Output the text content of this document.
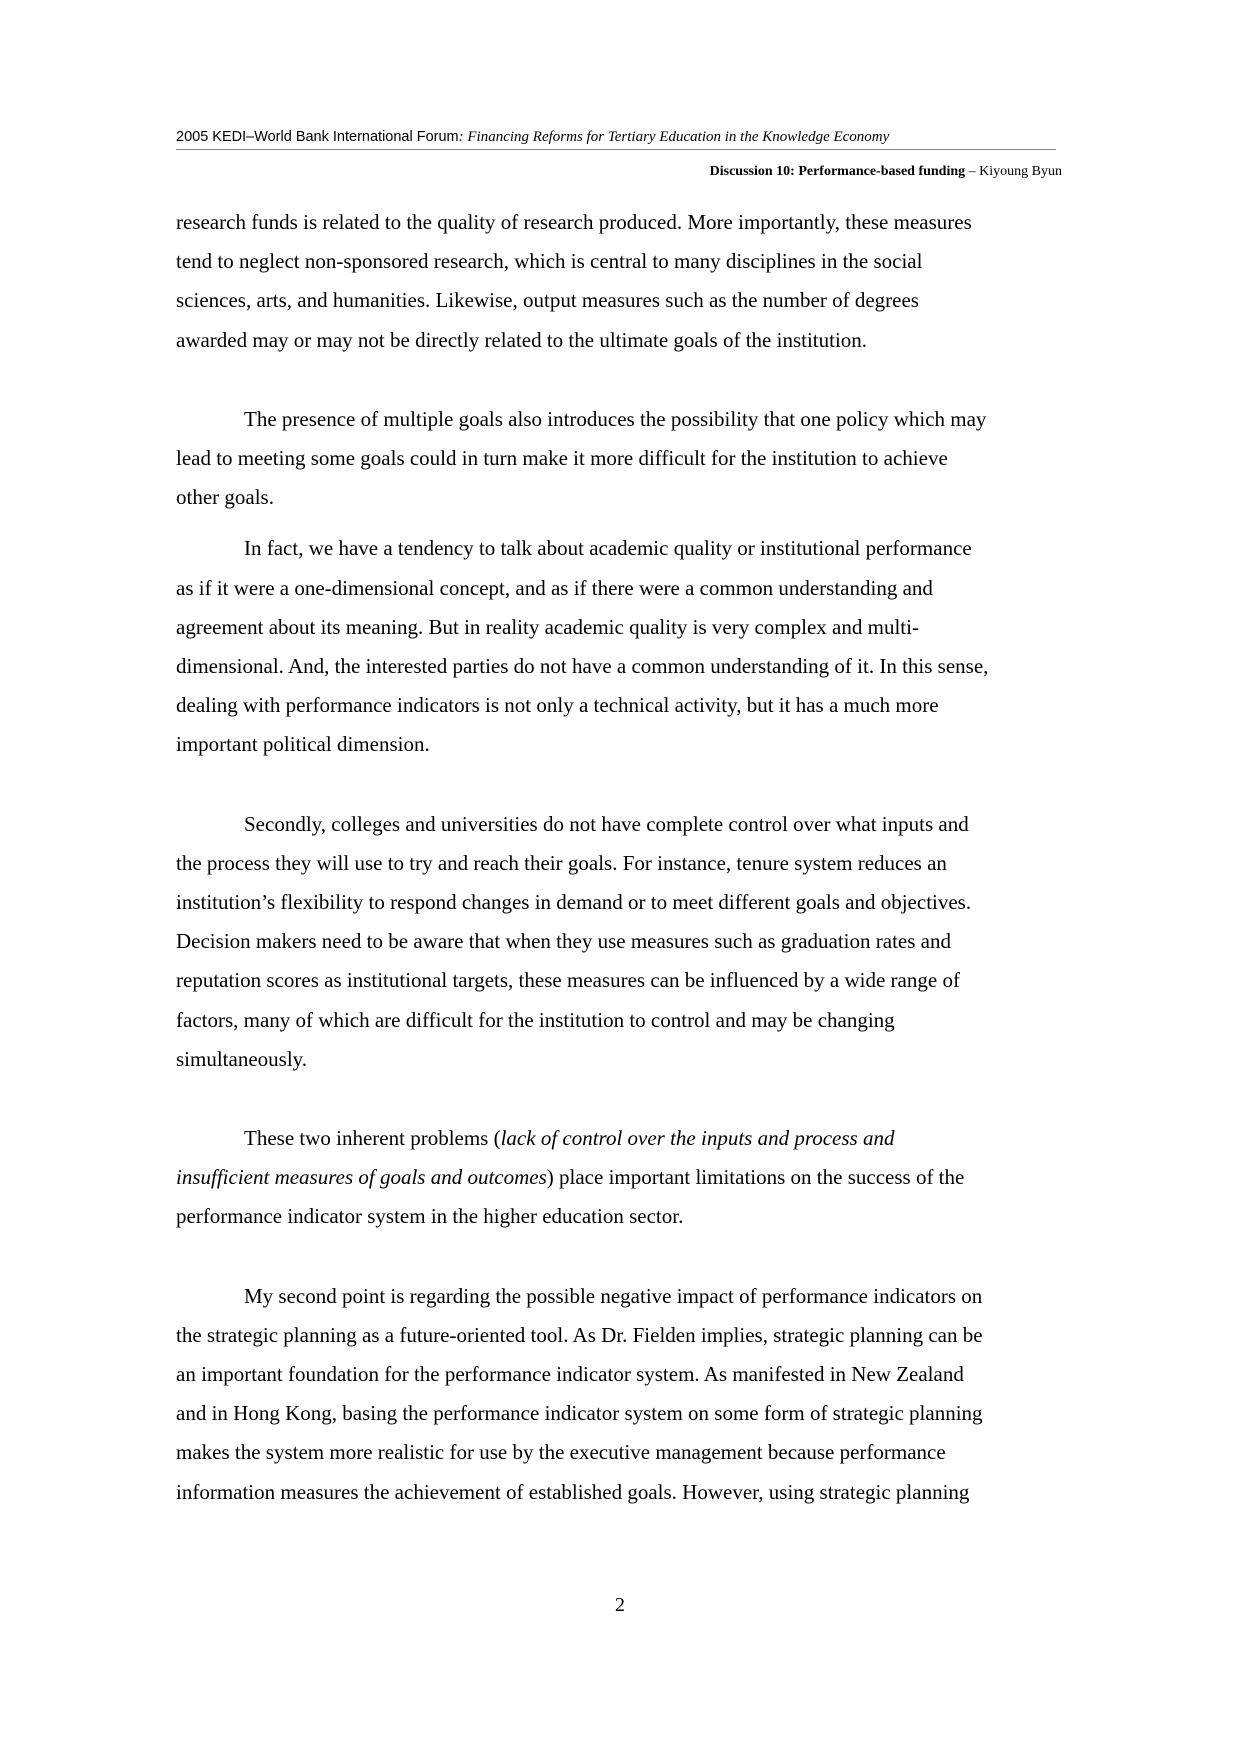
2005 KEDI–World Bank International Forum: Financing Reforms for Tertiary Education in the Knowledge Economy
Discussion 10: Performance-based funding – Kiyoung Byun

research funds is related to the quality of research produced. More importantly, these measures
tend to neglect non-sponsored research, which is central to many disciplines in the social
sciences, arts, and humanities. Likewise, output measures such as the number of degrees
awarded may or may not be directly related to the ultimate goals of the institution.

The presence of multiple goals also introduces the possibility that one policy which may
lead to meeting some goals could in turn make it more difficult for the institution to achieve
other goals.

In fact, we have a tendency to talk about academic quality or institutional performance
as if it were a one-dimensional concept, and as if there were a common understanding and
agreement about its meaning. But in reality academic quality is very complex and multi-
dimensional. And, the interested parties do not have a common understanding of it. In this sense,
dealing with performance indicators is not only a technical activity, but it has a much more
important political dimension.

Secondly, colleges and universities do not have complete control over what inputs and
the process they will use to try and reach their goals. For instance, tenure system reduces an
institution’s flexibility to respond changes in demand or to meet different goals and objectives.
Decision makers need to be aware that when they use measures such as graduation rates and
reputation scores as institutional targets, these measures can be influenced by a wide range of
factors, many of which are difficult for the institution to control and may be changing
simultaneously.

These two inherent problems (lack of control over the inputs and process and
insufficient measures of goals and outcomes) place important limitations on the success of the
performance indicator system in the higher education sector.

My second point is regarding the possible negative impact of performance indicators on
the strategic planning as a future-oriented tool. As Dr. Fielden implies, strategic planning can be
an important foundation for the performance indicator system. As manifested in New Zealand
and in Hong Kong, basing the performance indicator system on some form of strategic planning
makes the system more realistic for use by the executive management because performance
information measures the achievement of established goals. However, using strategic planning

2
